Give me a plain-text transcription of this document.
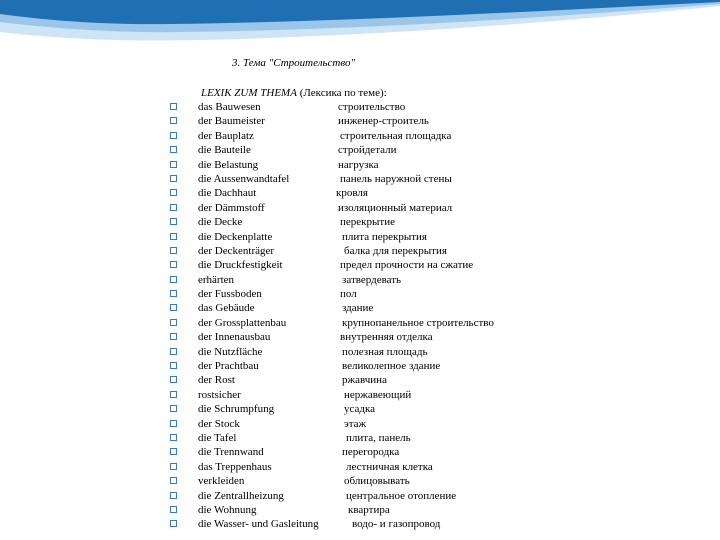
3. Тема "Строительство"
LEXIK ZUM THEMA (Лексика по теме):
das Bauwesen	строительство
der Baumeister	инженер-строитель
der Bauplatz	строительная площадка
die Bauteile	стройдетали
die Belastung	нагрузка
die Aussenwandtafel	панель наружной стены
die Dachhaut	кровля
der Dämmstoff	изоляционный материал
die Decke	перекрытие
die Deckenplatte	плита перекрытия
der Deckenträger	балка для перекрытия
die Druckfestigkeit	предел прочности на сжатие
erhärten	затвердевать
der Fussboden	пол
das Gebäude	здание
der Grossplattenbau	крупнопанельное строительство
der Innenausbau	внутренняя отделка
die Nutzfläche	полезная площадь
der Prachtbau	великолепное здание
der Rost	ржавчина
rostsicher	нержавеющий
die Schrumpfung	усадка
der Stock	этаж
die Tafel	плита, панель
die Trennwand	перегородка
das Treppenhaus	лестничная клетка
verkleiden	облицовывать
die Zentrallheizung	центральное отопление
die Wohnung	квартира
die Wasser- und Gasleitung	водо- и газопровод
